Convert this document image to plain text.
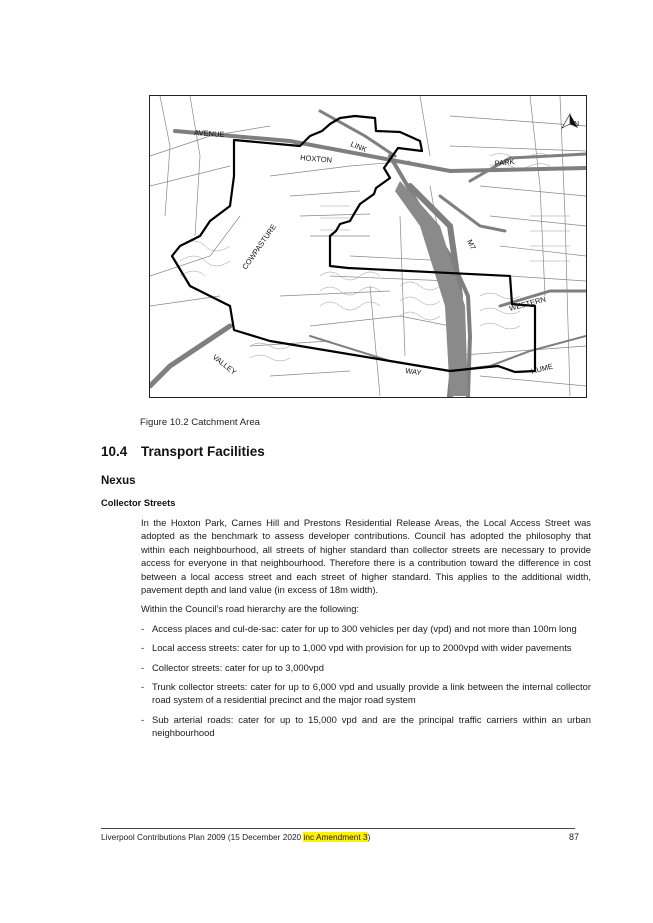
AVENUE
HOXTON
LINK
PARK
COWPASTURE	M7
WESTERN
VALLEY	WAY	HUME
N
Figure 10.2 Catchment Area
10.4 Transport Facilities
Nexus
Collector Streets

In the Hoxton Park, Carnes Hill and Prestons Residential Release Areas, the Local Access Street was adopted as the benchmark to assess developer contributions. Council has adopted the philosophy that within each neighbourhood, all streets of higher standard than collector streets are necessary to provide access for everyone in that neighbourhood. Therefore there is a contribution toward the difference in cost between a local access street and each street of higher standard. This applies to the additional width, pavement depth and land value (in excess of 18m width).

Within the Council's road hierarchy are the following:

- Access places and cul-de-sac: cater for up to 300 vehicles per day (vpd) and not more than 100m long
- Local access streets: cater for up to 1,000 vpd with provision for up to 2000vpd with wider pavements
- Collector streets: cater for up to 3,000vpd
- Trunk collector streets: cater for up to 6,000 vpd and usually provide a link between the internal collector road system of a residential precinct and the major road system
- Sub arterial roads: cater for up to 15,000 vpd and are the principal traffic carriers within an urban neighbourhood
Liverpool Contributions Plan 2009 (15 December 2020 inc Amendment 3)	87
